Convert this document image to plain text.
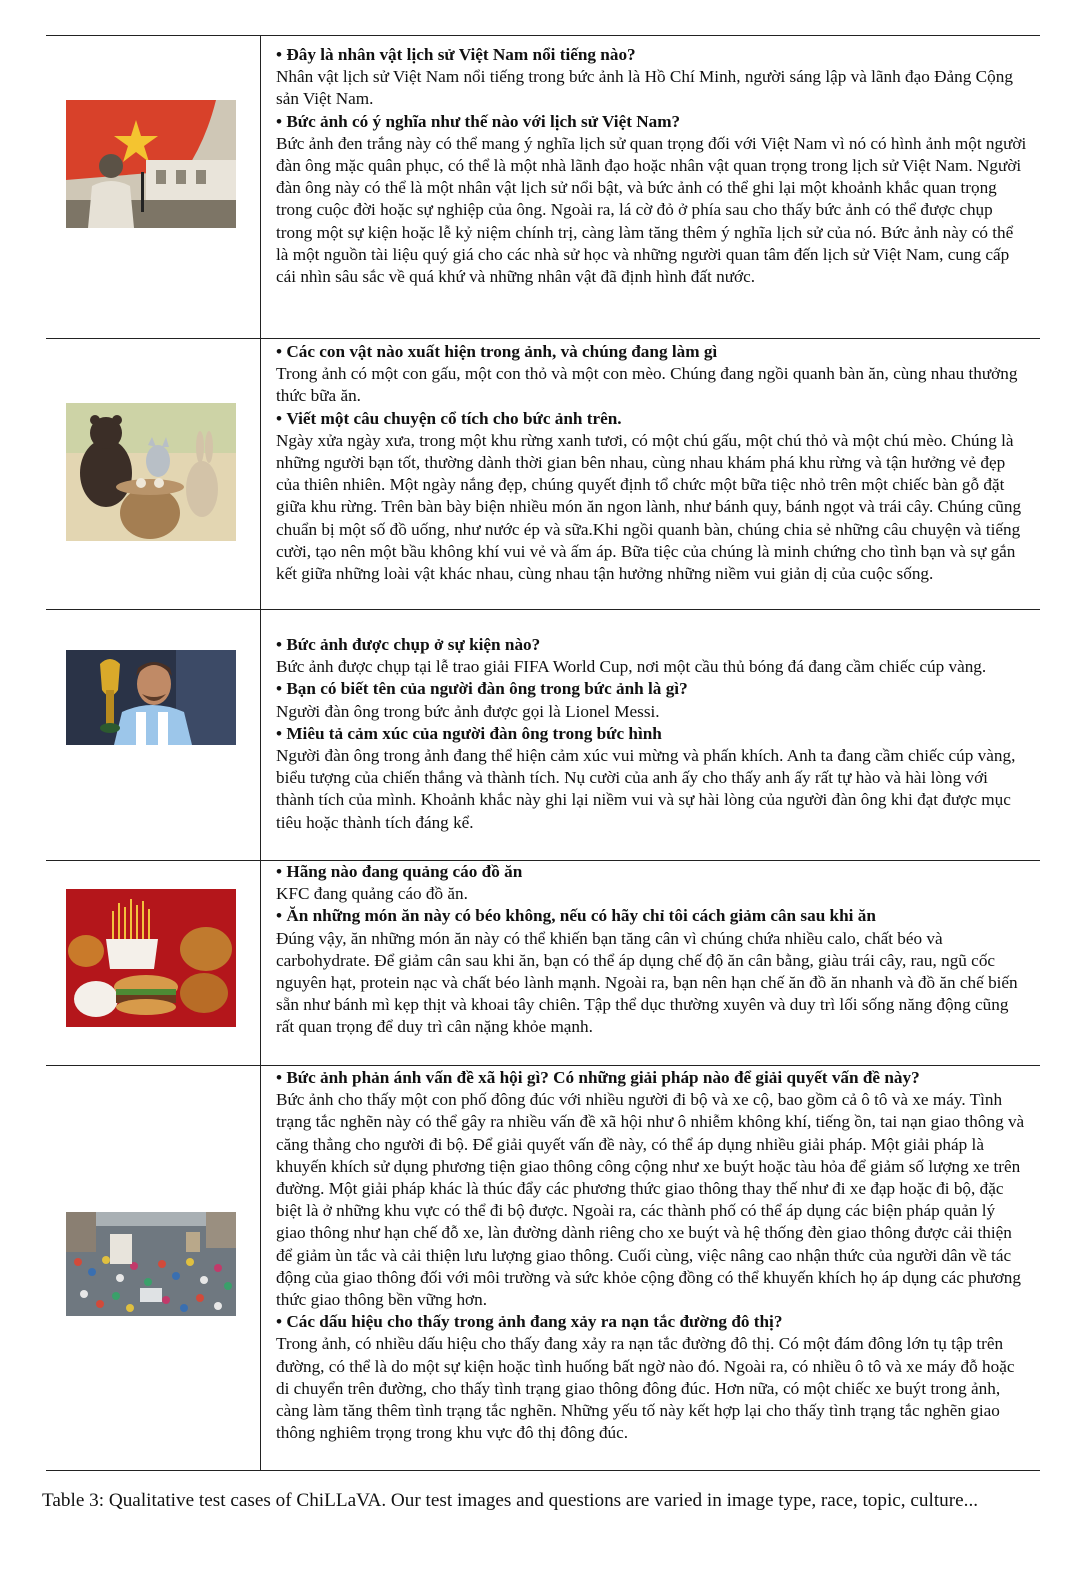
• Đây là nhân vật lịch sử Việt Nam nổi tiếng nào?
Nhân vật lịch sử Việt Nam nổi tiếng trong bức ảnh là Hồ Chí Minh, người sáng lập và lãnh đạo Đảng Cộng sản Việt Nam.
• Bức ảnh có ý nghĩa như thế nào với lịch sử Việt Nam?
Bức ảnh đen trắng này có thể mang ý nghĩa lịch sử quan trọng đối với Việt Nam vì nó có hình ảnh một người đàn ông mặc quân phục, có thể là một nhà lãnh đạo hoặc nhân vật quan trọng trong lịch sử Việt Nam. Người đàn ông này có thể là một nhân vật lịch sử nổi bật, và bức ảnh có thể ghi lại một khoảnh khắc quan trọng trong cuộc đời hoặc sự nghiệp của ông. Ngoài ra, lá cờ đỏ ở phía sau cho thấy bức ảnh có thể được chụp trong một sự kiện hoặc lễ kỷ niệm chính trị, càng làm tăng thêm ý nghĩa lịch sử của nó. Bức ảnh này có thể là một nguồn tài liệu quý giá cho các nhà sử học và những người quan tâm đến lịch sử Việt Nam, cung cấp cái nhìn sâu sắc về quá khứ và những nhân vật đã định hình đất nước.
• Các con vật nào xuất hiện trong ảnh, và chúng đang làm gì
Trong ảnh có một con gấu, một con thỏ và một con mèo. Chúng đang ngồi quanh bàn ăn, cùng nhau thưởng thức bữa ăn.
• Viết một câu chuyện cổ tích cho bức ảnh trên.
Ngày xửa ngày xưa, trong một khu rừng xanh tươi, có một chú gấu, một chú thỏ và một chú mèo. Chúng là những người bạn tốt, thường dành thời gian bên nhau, cùng nhau khám phá khu rừng và tận hưởng vẻ đẹp của thiên nhiên. Một ngày nắng đẹp, chúng quyết định tổ chức một bữa tiệc nhỏ trên một chiếc bàn gỗ đặt giữa khu rừng. Trên bàn bày biện nhiều món ăn ngon lành, như bánh quy, bánh ngọt và trái cây. Chúng cũng chuẩn bị một số đồ uống, như nước ép và sữa.Khi ngồi quanh bàn, chúng chia sẻ những câu chuyện và tiếng cười, tạo nên một bầu không khí vui vẻ và ấm áp. Bữa tiệc của chúng là minh chứng cho tình bạn và sự gắn kết giữa những loài vật khác nhau, cùng nhau tận hưởng những niềm vui giản dị của cuộc sống.
• Bức ảnh được chụp ở sự kiện nào?
Bức ảnh được chụp tại lễ trao giải FIFA World Cup, nơi một cầu thủ bóng đá đang cầm chiếc cúp vàng.
• Bạn có biết tên của người đàn ông trong bức ảnh là gì?
Người đàn ông trong bức ảnh được gọi là Lionel Messi.
• Miêu tả cảm xúc của người đàn ông trong bức hình
Người đàn ông trong ảnh đang thể hiện cảm xúc vui mừng và phấn khích. Anh ta đang cầm chiếc cúp vàng, biểu tượng của chiến thắng và thành tích. Nụ cười của anh ấy cho thấy anh ấy rất tự hào và hài lòng với thành tích của mình. Khoảnh khắc này ghi lại niềm vui và sự hài lòng của người đàn ông khi đạt được mục tiêu hoặc thành tích đáng kể.
• Hãng nào đang quảng cáo đồ ăn
KFC đang quảng cáo đồ ăn.
• Ăn những món ăn này có béo không, nếu có hãy chỉ tôi cách giảm cân sau khi ăn
Đúng vậy, ăn những món ăn này có thể khiến bạn tăng cân vì chúng chứa nhiều calo, chất béo và carbohydrate. Để giảm cân sau khi ăn, bạn có thể áp dụng chế độ ăn cân bằng, giàu trái cây, rau, ngũ cốc nguyên hạt, protein nạc và chất béo lành mạnh. Ngoài ra, bạn nên hạn chế ăn đồ ăn nhanh và đồ ăn chế biến sẵn như bánh mì kẹp thịt và khoai tây chiên. Tập thể dục thường xuyên và duy trì lối sống năng động cũng rất quan trọng để duy trì cân nặng khỏe mạnh.
• Bức ảnh phản ánh vấn đề xã hội gì? Có những giải pháp nào để giải quyết vấn đề này?
Bức ảnh cho thấy một con phố đông đúc với nhiều người đi bộ và xe cộ, bao gồm cả ô tô và xe máy. Tình trạng tắc nghẽn này có thể gây ra nhiều vấn đề xã hội như ô nhiễm không khí, tiếng ồn, tai nạn giao thông và căng thẳng cho người đi bộ. Để giải quyết vấn đề này, có thể áp dụng nhiều giải pháp. Một giải pháp là khuyến khích sử dụng phương tiện giao thông công cộng như xe buýt hoặc tàu hỏa để giảm số lượng xe trên đường. Một giải pháp khác là thúc đẩy các phương thức giao thông thay thế như đi xe đạp hoặc đi bộ, đặc biệt là ở những khu vực có thể đi bộ được. Ngoài ra, các thành phố có thể áp dụng các biện pháp quản lý giao thông như hạn chế đỗ xe, làn đường dành riêng cho xe buýt và hệ thống đèn giao thông được cải thiện để giảm ùn tắc và cải thiện lưu lượng giao thông. Cuối cùng, việc nâng cao nhận thức của người dân về tác động của giao thông đối với môi trường và sức khỏe cộng đồng có thể khuyến khích họ áp dụng các phương thức giao thông bền vững hơn.
• Các dấu hiệu cho thấy trong ảnh đang xảy ra nạn tắc đường đô thị?
Trong ảnh, có nhiều dấu hiệu cho thấy đang xảy ra nạn tắc đường đô thị. Có một đám đông lớn tụ tập trên đường, có thể là do một sự kiện hoặc tình huống bất ngờ nào đó. Ngoài ra, có nhiều ô tô và xe máy đỗ hoặc di chuyển trên đường, cho thấy tình trạng giao thông đông đúc. Hơn nữa, có một chiếc xe buýt trong ảnh, càng làm tăng thêm tình trạng tắc nghẽn. Những yếu tố này kết hợp lại cho thấy tình trạng tắc nghẽn giao thông nghiêm trọng trong khu vực đô thị đông đúc.
Table 3: Qualitative test cases of ChiLLaVA. Our test images and questions are varied in image type, race, topic, culture...
